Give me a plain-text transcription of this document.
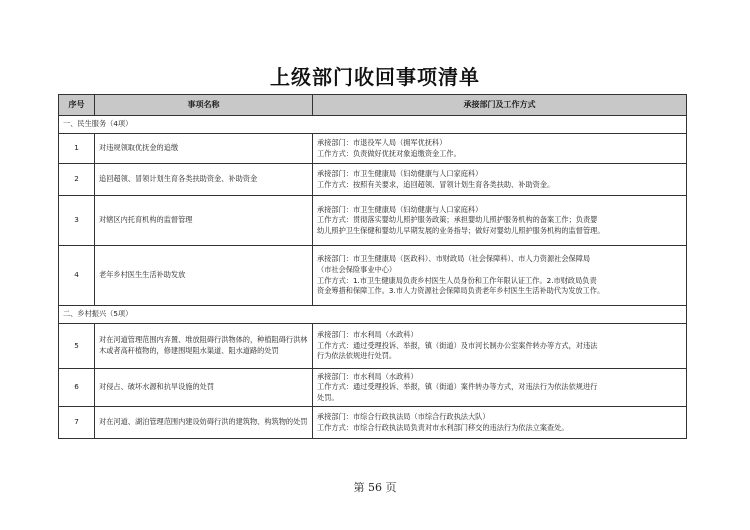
上级部门收回事项清单
序号	事项名称	承接部门及工作方式
一、民生服务（4项）		
1	对违规领取优抚金的追缴	承接部门：市退役军人局（拥军优抚科）
工作方式：负责做好优抚对象追缴资金工作。

2	追回超领、冒领计划生育各类扶助资金、补助资金	承接部门：市卫生健康局（妇幼健康与人口家庭科）
工作方式：按照有关要求，追回超领、冒领计划生育各类扶助、补助资金。

3	对辖区内托育机构的监督管理	承接部门：市卫生健康局（妇幼健康与人口家庭科）
工作方式：贯彻落实婴幼儿照护服务政策；承担婴幼儿照护服务机构的备案工作；负责婴
幼儿照护卫生保健和婴幼儿早期发展的业务指导；做好对婴幼儿照护服务机构的监督管理。

4	老年乡村医生生活补助发放	承接部门：市卫生健康局（医政科）、市财政局（社会保障科）、市人力资源社会保障局
（市社会保险事业中心）
工作方式：1.市卫生健康局负责乡村医生人员身份和工作年限认证工作。2.市财政局负责
资金筹措和保障工作。3.市人力资源社会保障局负责老年乡村医生生活补助代为发放工作。

二、乡村振兴（5项）		
5	对在河道管理范围内弃置、堆放阻碍行洪物体的，种植阻碍行洪林木或者高秆植物的，修建围堤阻水渠道、阻水道路的处罚	承接部门：市水利局（水政科）
工作方式：通过受理投诉、举报，镇（街道）及市河长制办公室案件转办等方式，对违法
行为依法依规进行处罚。

6	对侵占、破坏水源和抗旱设施的处罚	承接部门：市水利局（水政科）
工作方式：通过受理投诉、举报，镇（街道）案件转办等方式，对违法行为依法依规进行
处罚。

7	对在河道、湖泊管理范围内建设妨碍行洪的建筑物、构筑物的处罚	承接部门：市综合行政执法局（市综合行政执法大队）
工作方式：市综合行政执法局负责对市水利部门移交的违法行为依法立案查处。
第 56 页
